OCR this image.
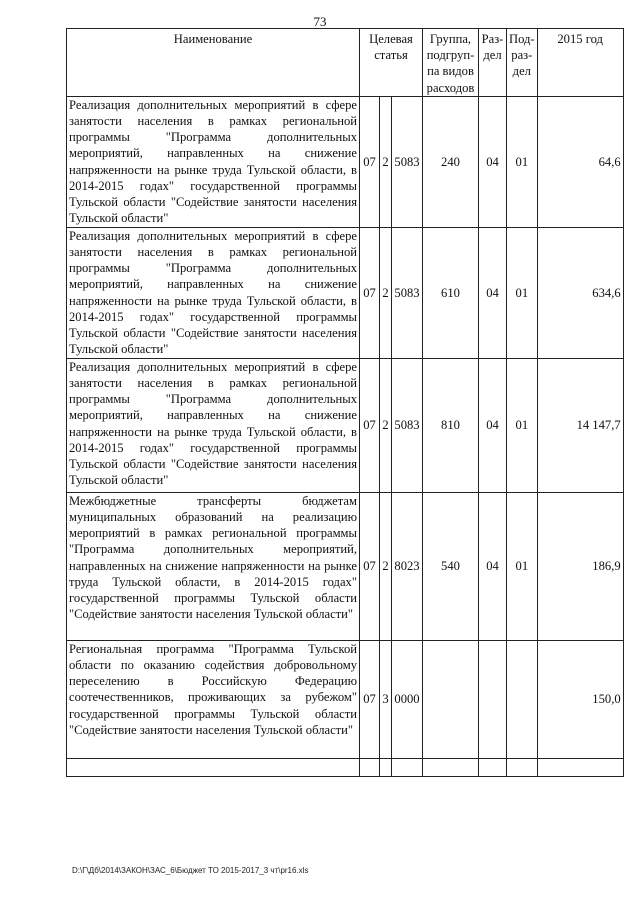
73
Наименование	Целевая статья			Группа, подгруп-па видов расходов	Раз-дел	Под-раз-дел	2015 год
Реализация дополнительных мероприятий в сфере занятости населения в рамках региональной программы "Программа дополнительных мероприятий, направленных на снижение напряженности на рынке труда Тульской области, в 2014-2015 годах" государственной программы Тульской области "Содействие занятости населения Тульской области"	07	2	5083	240	04	01	64,6
Реализация дополнительных мероприятий в сфере занятости населения в рамках региональной программы "Программа дополнительных мероприятий, направленных на снижение напряженности на рынке труда Тульской области, в 2014-2015 годах" государственной программы Тульской области "Содействие занятости населения Тульской области"	07	2	5083	610	04	01	634,6
Реализация дополнительных мероприятий в сфере занятости населения в рамках региональной программы "Программа дополнительных мероприятий, направленных на снижение напряженности на рынке труда Тульской области, в 2014-2015 годах" государственной программы Тульской области "Содействие занятости населения Тульской области"	07	2	5083	810	04	01	14 147,7
Межбюджетные трансферты бюджетам муниципальных образований на реализацию мероприятий в рамках региональной программы "Программа дополнительных мероприятий, направленных на снижение напряженности на рынке труда Тульской области, в 2014-2015 годах" государственной программы Тульской области "Содействие занятости населения Тульской области"	07	2	8023	540	04	01	186,9
Региональная программа "Программа Тульской области по оказанию содействия добровольному переселению в Российскую Федерацию соотечественников, проживающих за рубежом" государственной программы Тульской области "Содействие занятости населения Тульской области"	07	3	0000				150,0

D:\Г\Дб\2014\ЗАКОН\ЗАС_6\Бюджет ТО 2015-2017_3 чт\pr16.xls
